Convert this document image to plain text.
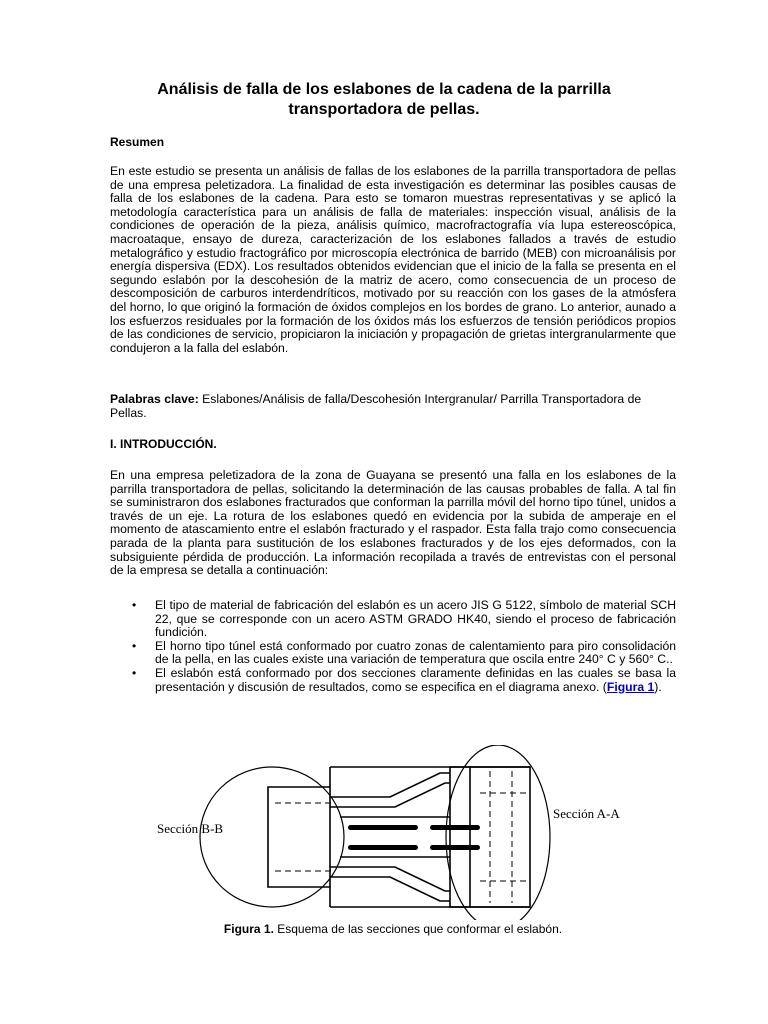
Análisis de falla de los eslabones de la cadena de la parrilla transportadora de pellas.
Resumen

En este estudio se presenta un análisis de fallas de los eslabones de la parrilla transportadora de pellas de una empresa peletizadora. La finalidad de esta investigación es determinar las posibles causas de falla de los eslabones de la cadena. Para esto se tomaron muestras representativas y se aplicó la metodología característica para un análisis de falla de materiales: inspección visual, análisis de la condiciones de operación de la pieza, análisis químico, macrofractografía vía lupa estereoscópica, macroataque, ensayo de dureza, caracterización de los eslabones fallados a través de estudio metalográfico y estudio fractográfico por microscopía electrónica de barrido (MEB) con microanálisis por energía dispersiva (EDX). Los resultados obtenidos evidencian que el inicio de la falla se presenta en el segundo eslabón por la descohesión de la matriz de acero, como consecuencia de un proceso de descomposición de carburos interdendríticos, motivado por su reacción con los gases de la atmósfera del horno, lo que originó la formación de óxidos complejos en los bordes de grano. Lo anterior, aunado a los esfuerzos residuales por la formación de los óxidos más los esfuerzos de tensión periódicos propios de las condiciones de servicio, propiciaron la iniciación y propagación de grietas intergranularmente que condujeron a la falla del eslabón.

Palabras clave: Eslabones/Análisis de falla/Descohesión Intergranular/ Parrilla Transportadora de Pellas.

I. INTRODUCCIÓN.

En una empresa peletizadora de la zona de Guayana se presentó una falla en los eslabones de la parrilla transportadora de pellas, solicitando la determinación de las causas probables de falla. A tal fin se suministraron dos eslabones fracturados que conforman la parrilla móvil del horno tipo túnel, unidos a través de un eje. La rotura de los eslabones quedó en evidencia por la subida de amperaje en el momento de atascamiento entre el eslabón fracturado y el raspador. Esta falla trajo como consecuencia parada de la planta para sustitución de los eslabones fracturados y de los ejes deformados, con la subsiguiente pérdida de producción. La información recopilada a través de entrevistas con el personal de la empresa se detalla a continuación:

• El tipo de material de fabricación del eslabón es un acero JIS G 5122, símbolo de material SCH 22, que se corresponde con un acero ASTM GRADO HK40, siendo el proceso de fabricación fundición.
• El horno tipo túnel está conformado por cuatro zonas de calentamiento para piro consolidación de la pella, en las cuales existe una variación de temperatura que oscila entre 240° C y 560° C..
• El eslabón está conformado por dos secciones claramente definidas en las cuales se basa la presentación y discusión de resultados, como se especifica en el diagrama anexo. (Figura 1).
Sección B-B
Sección A-A
Figura 1. Esquema de las secciones que conformar el eslabón.
